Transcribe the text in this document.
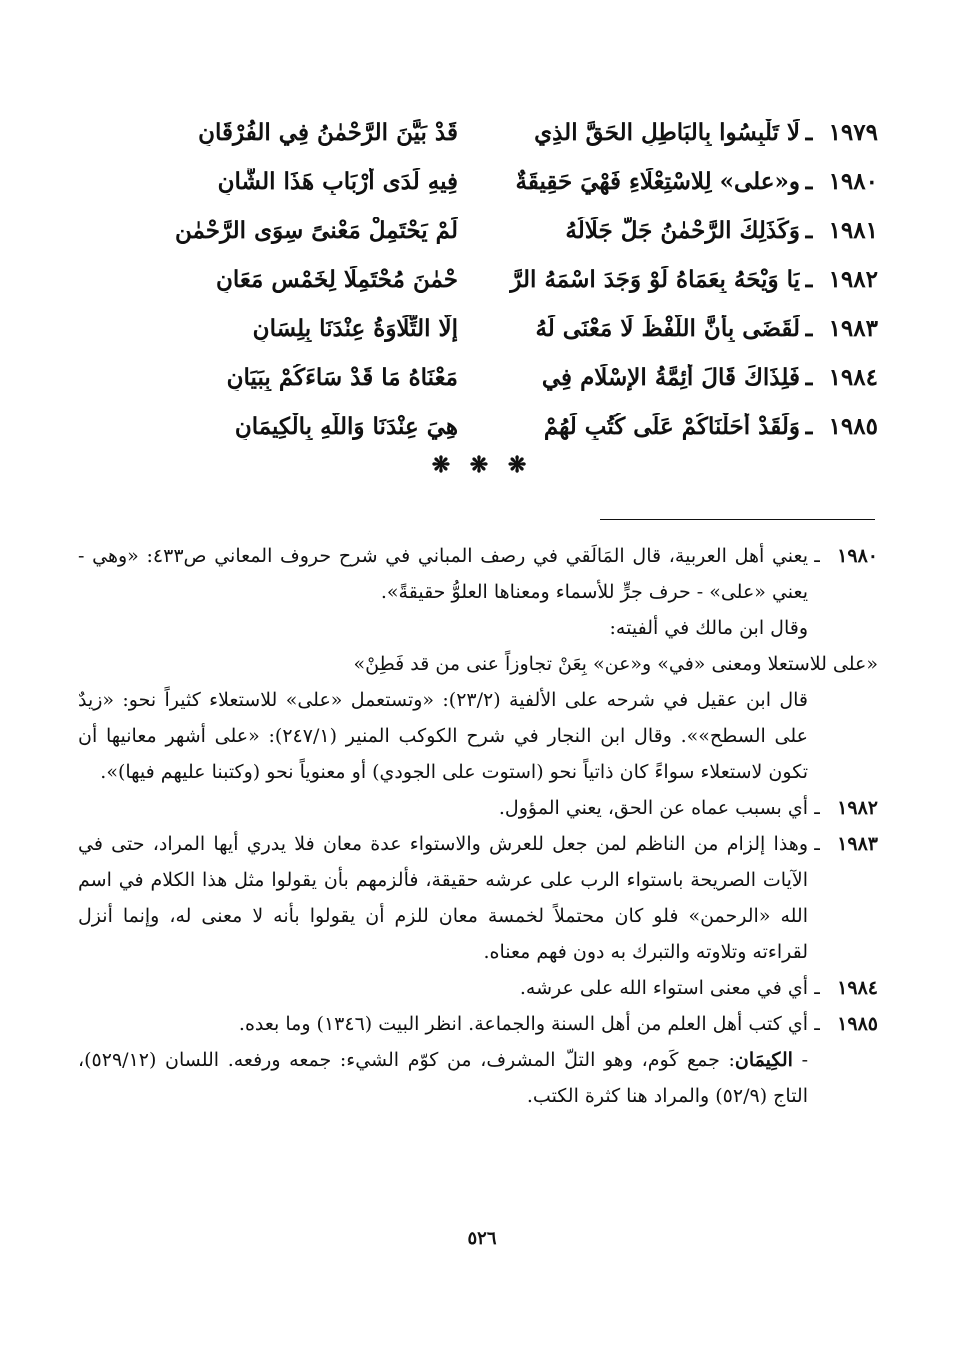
١٩٧٩
ـ
لَا تَلْبِسُوا بِالبَاطِلِ الحَقَّ الذِي
قَدْ بَيَّنَ الرَّحْمٰنُ فِي الفُرْقَانِ
١٩٨٠
ـ
و«على» لِلاسْتِعْلَاءِ فَهْيَ حَقِيقَةٌ
فِيهِ لَدَى أَرْبَابِ هَذَا الشَّانِ
١٩٨١
ـ
وَكَذَلِكَ الرَّحْمٰنُ جَلَّ جَلَالُهُ
لَمْ يَحْتَمِلْ مَعْنىً سِوَى الرَّحْمٰنِ
١٩٨٢
ـ
يَا وَيْحَهُ بِعَمَاهُ لَوْ وَجَدَ اسْمَهُ الرَّ
حْمٰنَ مُحْتَمِلًا لِخَمْسِ مَعَانِ
١٩٨٣
ـ
لَقَضَى بِأَنَّ اللَّفْظَ لَا مَعْنَى لَهُ
إِلَّا التِّلَاوَةُ عِنْدَنَا بِلِسَانِ
١٩٨٤
ـ
فَلِذَاكَ قَالَ أَئِمَّةُ الإِسْلَامِ فِي
مَعْنَاهُ مَا قَدْ سَاءَكُمْ بِبَيَانِ
١٩٨٥
ـ
وَلَقَدْ أَحَلْنَاكُمْ عَلَى كُتُبٍ لَهُمْ
هِيَ عِنْدَنَا وَاللَّهِ بِالْكِيمَانِ
❋ ❋ ❋
١٩٨٠
ـ

يعني أهل العربية، قال المَالَقي في رصف المباني في شرح حروف المعاني ص٤٣٣: «وهي - يعني «على» - حرف جرٍّ للأسماء ومعناها العلوُّ حقيقةً».

وقال ابن مالك في ألفيته:

«على للاستعلا ومعنى «في» و«عن» بِعَنْ تجاوزاً عنى من قد فَطِنْ»

قال ابن عقيل في شرحه على الألفية (٢٣/٢): «وتستعمل «على» للاستعلاء كثيراً نحو: «زيدٌ على السطح»». وقال ابن النجار في شرح الكوكب المنير (٢٤٧/١): «على أشهر معانيها أن تكون لاستعلاء سواءً كان ذاتياً نحو (استوت على الجودي) أو معنوياً نحو (وكتبنا عليهم فيها)».

١٩٨٢
ـ

أي بسبب عماه عن الحق، يعني المؤول.

١٩٨٣
ـ

وهذا إلزام من الناظم لمن جعل للعرش والاستواء عدة معان فلا يدري أيها المراد، حتى في الآيات الصريحة باستواء الرب على عرشه حقيقة، فألزمهم بأن يقولوا مثل هذا الكلام في اسم الله «الرحمن» فلو كان محتملاً لخمسة معان للزم أن يقولوا بأنه لا معنى له، وإنما أنزل لقراءته وتلاوته والتبرك به دون فهم معناه.

١٩٨٤
ـ

أي في معنى استواء الله على عرشه.

١٩٨٥
ـ

أي كتب أهل العلم من أهل السنة والجماعة. انظر البيت (١٣٤٦) وما بعده.

- الكِيمَان: جمع كَوم، وهو التلّ المشرف، من كوّم الشيء: جمعه ورفعه. اللسان (٥٢٩/١٢)، التاج (٥٢/٩) والمراد هنا كثرة الكتب.

٥٢٦
